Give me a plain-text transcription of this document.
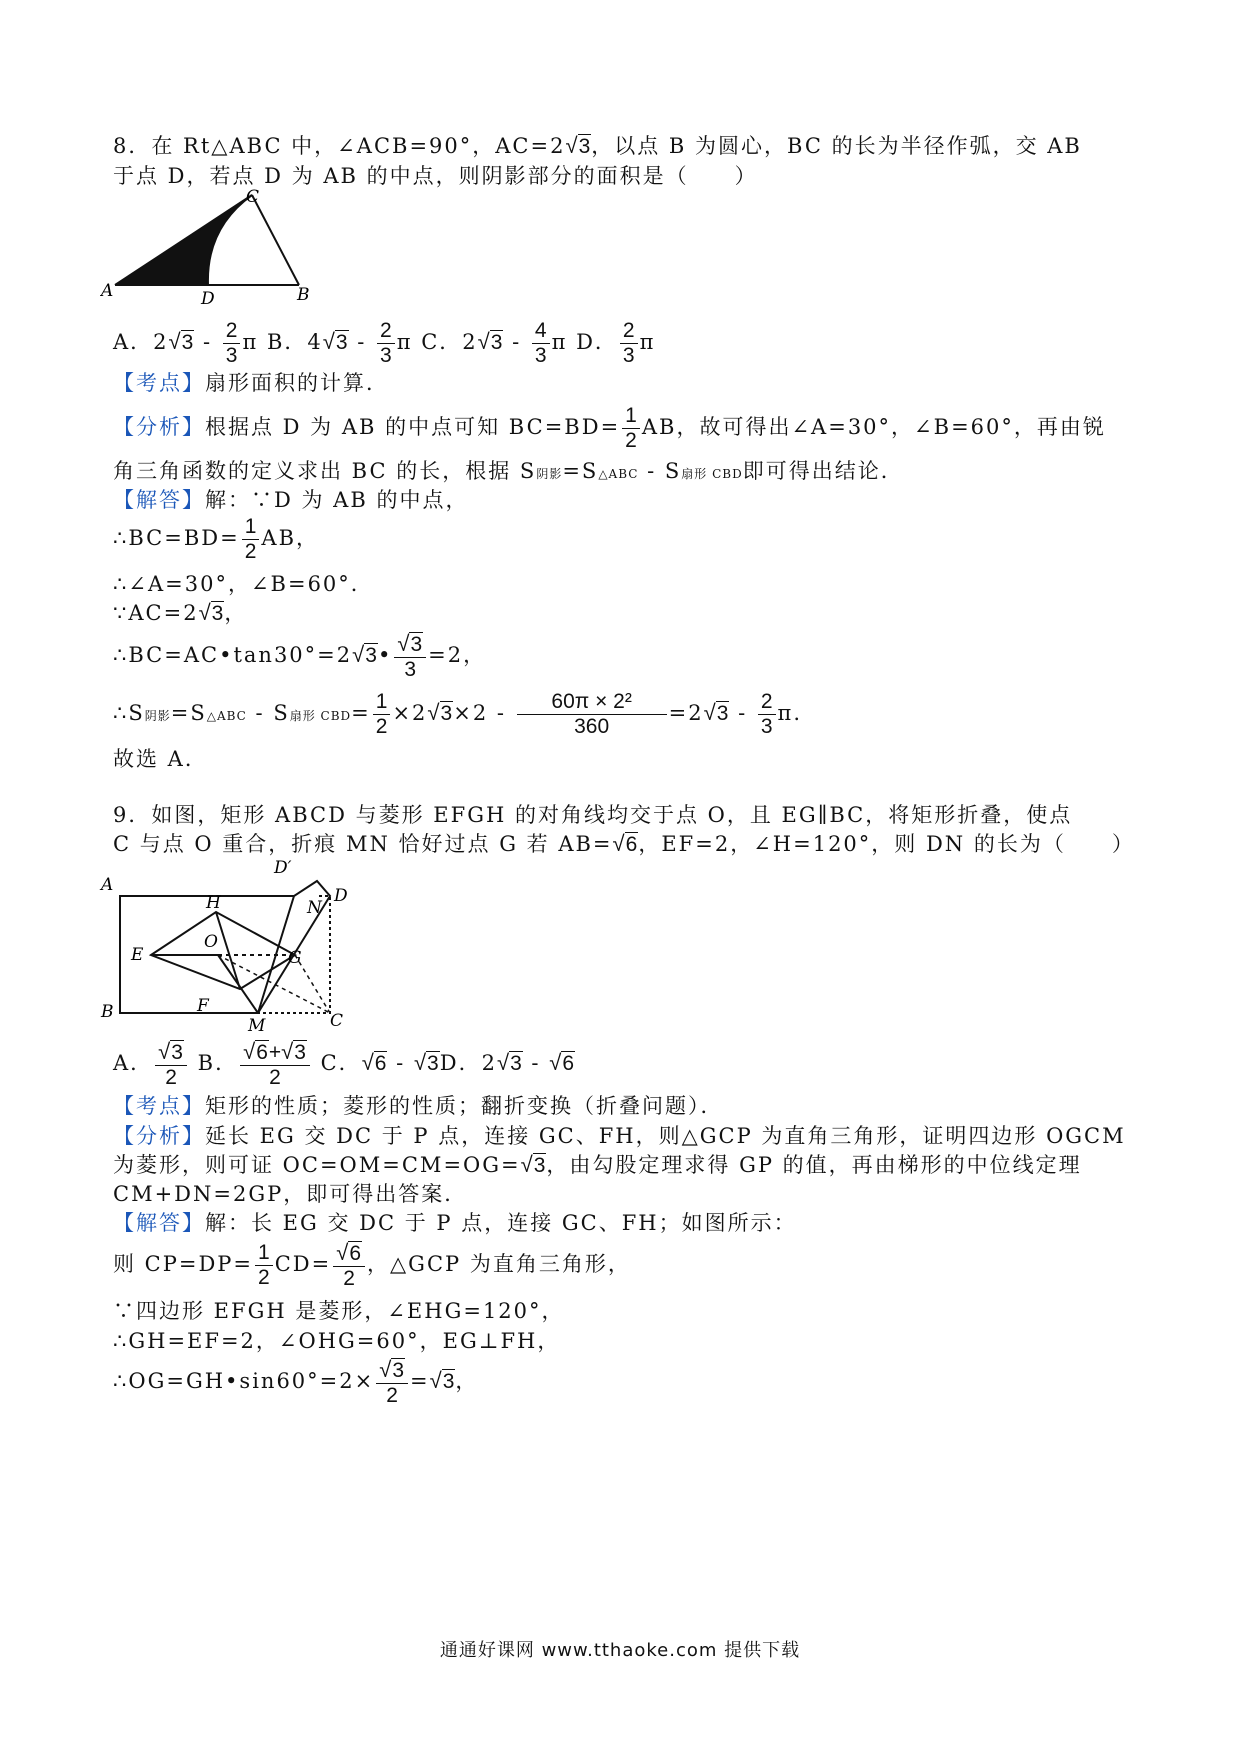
8．在 Rt△ABC 中，∠ACB=90°，AC=2√3，以点 B 为圆心，BC 的长为半径作弧，交 AB
于点 D，若点 D 为 AB 的中点，则阴影部分的面积是（　　）
C
A	D	B
A．$2√3 - \frac{2}{3}$ π B．$4√3 - \frac{2}{3}$ π C．$2√3 - \frac{4}{3}$ π D． $\frac{2}{3}$ π
【考点】扇形面积的计算．
【分析】根据点 D 为 AB 的中点可知 $BC=BD= \frac{1}{2}$ AB，故可得出∠A=30°，∠B=60°，再由锐
角三角函数的定义求出 BC 的长，根据 S阴影=S△ABC - S扇形 CBD即可得出结论．
【解答】解：∵D 为 AB 的中点，
∴BC=BD= $\frac{1}{2}$ AB，
∴∠A=30°，∠B=60°．
∵AC=2√3，
∴BC=AC•tan30°=2√3• $\frac{√3}{3} =2$，
∴S阴影=S△ABC - S扇形 $CBD= \frac{1}{2} \times 2√3\times 2 - \frac{\text{60π × 2²}}{360} =2√3 - \frac{2}{3} \pi$.
故选 A．
9．如图，矩形 ABCD 与菱形 EFGH 的对角线均交于点 O，且 EG∥BC，将矩形折叠，使点
C 与点 O 重合，折痕 MN 恰好过点 G 若 AB=√6，EF=2，∠H=120°，则 DN 的长为（　　）
A
B	C
D
D′
N
H
O
E	G
F
M
A． $\frac{√3}{2}$ B． $\frac{√6+√3}{2}$ C．√6 - √3D．2√3 - √6
【考点】矩形的性质；菱形的性质；翻折变换（折叠问题）．
【分析】延长 EG 交 DC 于 P 点，连接 GC、FH，则△GCP 为直角三角形，证明四边形 OGCM
为菱形，则可证 OC=OM=CM=OG=√3，由勾股定理求得 GP 的值，再由梯形的中位线定理
CM+DN=2GP，即可得出答案．
【解答】解：长 EG 交 DC 于 P 点，连接 GC、FH；如图所示：
则 $CP=DP= \frac{1}{2} CD= \frac{√6}{2}$ ，△GCP 为直角三角形，
∵四边形 EFGH 是菱形，∠EHG=120°，
∴GH=EF=2，∠OHG=60°，EG⊥FH，
∴OG=GH•sin60°=2× $\frac{√3}{2} =√3$，
通通好课网 www.tthaoke.com 提供下载
